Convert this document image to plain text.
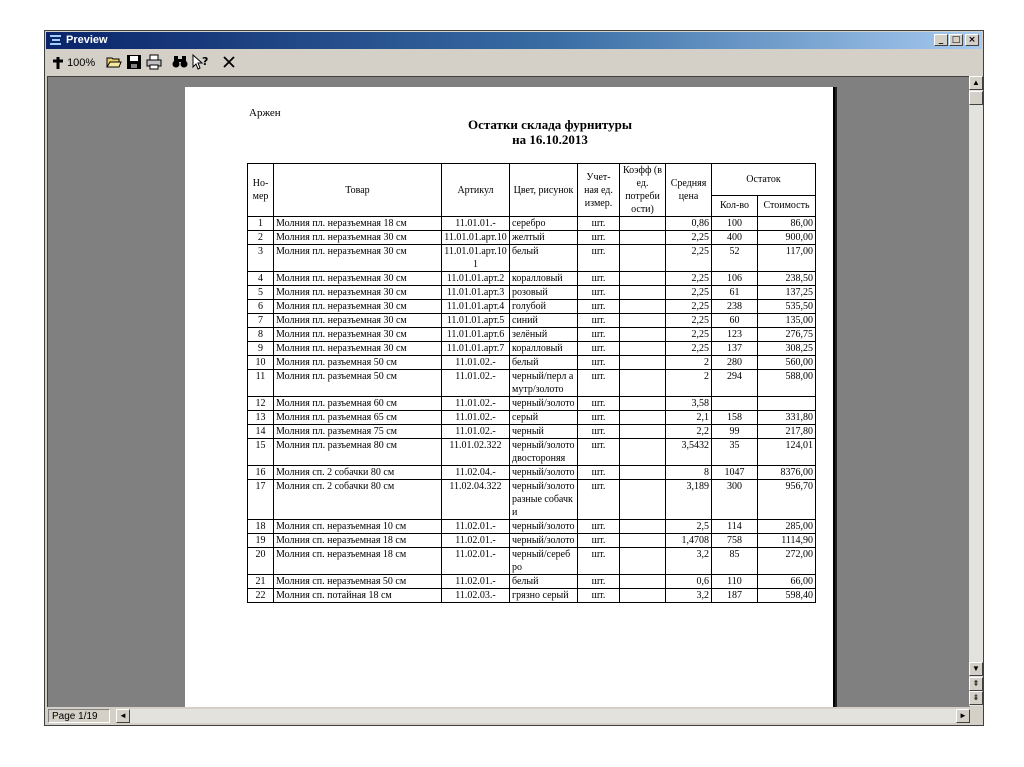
Preview	_ □ ×
100%	?
Аржен
Остатки склада фурнитуры
на 16.10.2013
Но- мер	Товар	Артикул	Цвет, рисунок	Учет- ная ед. измер.	Коэфф (в ед. потреби ости)	Средняя цена	Остаток	
							Кол-во	Стоимость
1	Молния пл. неразъемная 18 см	11.01.01.-	серебро	шт.		0,86	100	86,00
2	Молния пл. неразъемная 30 см	11.01.01.арт.10	желтый	шт.		2,25	400	900,00
3	Молния пл. неразъемная 30 см	11.01.01.арт.101	белый	шт.		2,25	52	117,00
4	Молния пл. неразъемная 30 см	11.01.01.арт.2	коралловый	шт.		2,25	106	238,50
5	Молния пл. неразъемная 30 см	11.01.01.арт.3	розовый	шт.		2,25	61	137,25
6	Молния пл. неразъемная 30 см	11.01.01.арт.4	голубой	шт.		2,25	238	535,50
7	Молния пл. неразъемная 30 см	11.01.01.арт.5	синий	шт.		2,25	60	135,00
8	Молния пл. неразъемная 30 см	11.01.01.арт.6	зелёный	шт.		2,25	123	276,75
9	Молния пл. неразъемная 30 см	11.01.01.арт.7	коралловый	шт.		2,25	137	308,25
10	Молния пл. разъемная 50 см	11.01.02.-	белый	шт.		2	280	560,00
11	Молния пл. разъемная 50 см	11.01.02.-	черный/перл амутр/золото	шт.		2	294	588,00
12	Молния пл. разъемная 60 см	11.01.02.-	черный/золото	шт.		3,58		
13	Молния пл. разъемная 65 см	11.01.02.-	серый	шт.		2,1	158	331,80
14	Молния пл. разъемная 75 см	11.01.02.-	черный	шт.		2,2	99	217,80
15	Молния пл. разъемная 80 см	11.01.02.322	черный/золото двостороняя	шт.		3,5432	35	124,01
16	Молния сп. 2 собачки 80 см	11.02.04.-	черный/золото	шт.		8	1047	8376,00
17	Молния сп. 2 собачки 80 см	11.02.04.322	черный/золото разные собачки	шт.		3,189	300	956,70
18	Молния сп. неразъемная 10 см	11.02.01.-	черный/золото	шт.		2,5	114	285,00
19	Молния сп. неразъемная 18 см	11.02.01.-	черный/золото	шт.		1,4708	758	1114,90
20	Молния сп. неразъемная 18 см	11.02.01.-	черный/серебро	шт.		3,2	85	272,00
21	Молния сп. неразъемная 50 см	11.02.01.-	белый	шт.		0,6	110	66,00
22	Молния сп. потайная 18 см	11.02.03.-	грязно серый	шт.		3,2	187	598,40
▲
▼
⇞
⇟
Page 1/19	◄	►
